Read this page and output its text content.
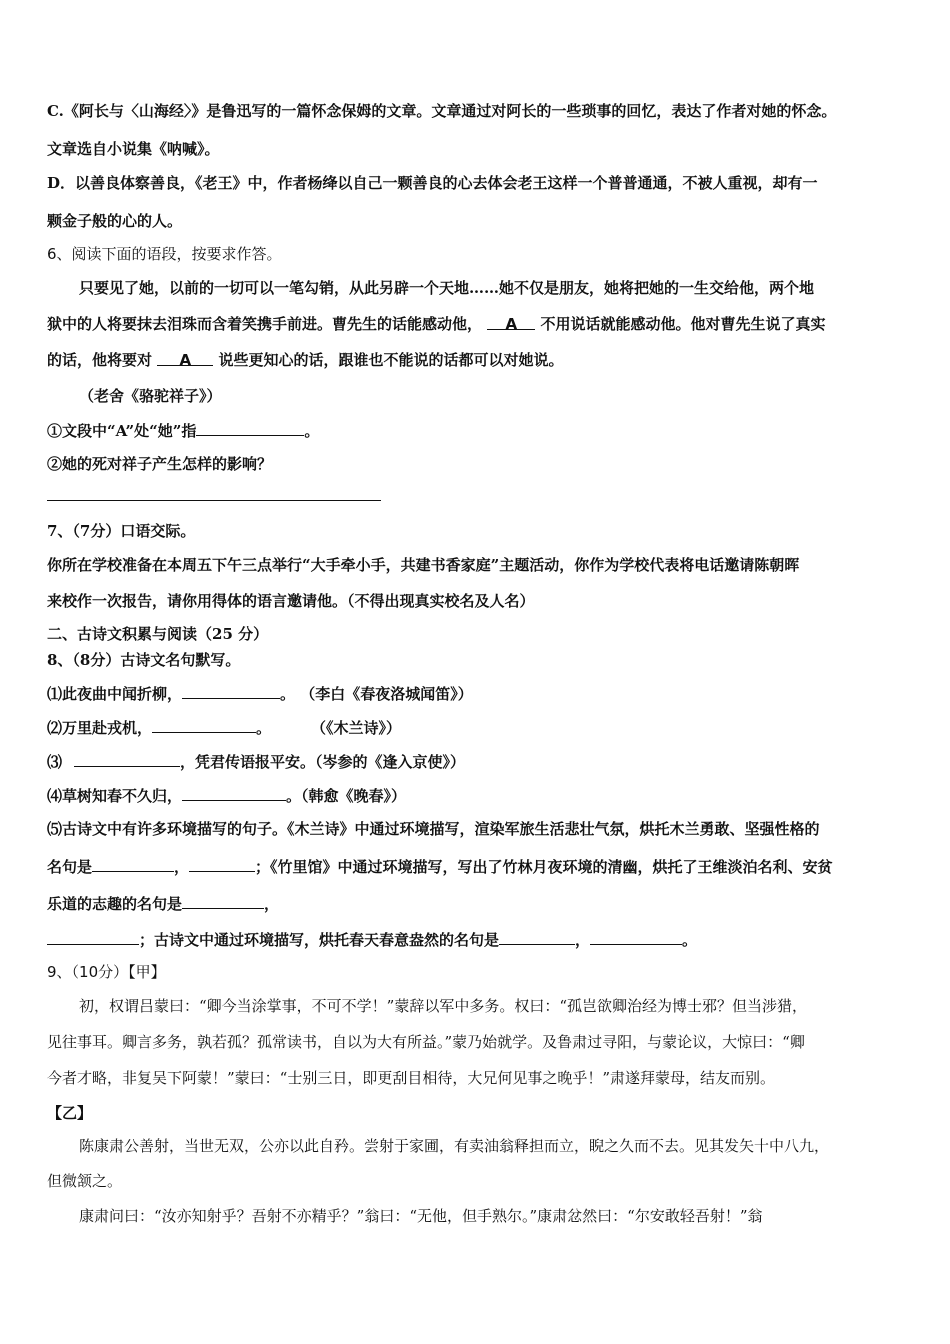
C.《阿长与〈山海经〉》是鲁迅写的一篇怀念保姆的文章。文章通过对阿长的一些琐事的回忆，表达了作者对她的怀念。
文章选自小说集《呐喊》。
D．以善良体察善良，《老王》中，作者杨绛以自己一颗善良的心去体会老王这样一个普普通通，不被人重视，却有一
颗金子般的心的人。
6、阅读下面的语段，按要求作答。
只要见了她，以前的一切可以一笔勾销，从此另辟一个天地……她不仅是朋友，她将把她的一生交给他，两个地
狱中的人将要抹去泪珠而含着笑携手前进。曹先生的话能感动他， A 不用说话就能感动他。他对曹先生说了真实
的话，他将要对 A 说些更知心的话，跟谁也不能说的话都可以对她说。
（老舍《骆驼祥子》）
①文段中“A”处“她”指	。
②她的死对祥子产生怎样的影响？
7、（7分）口语交际。
你所在学校准备在本周五下午三点举行“大手牵小手，共建书香家庭”主题活动，你作为学校代表将电话邀请陈朝晖
来校作一次报告，请你用得体的语言邀请他。（不得出现真实校名及人名）
二、古诗文积累与阅读（25 分）
8、（8分）古诗文名句默写。
⑴此夜曲中闻折柳，	。 （李白《春夜洛城闻笛》）
⑵万里赴戎机，	。	（《木兰诗》）
⑶	，凭君传语报平安。（岑参的《逢入京使》）
⑷草树知春不久归，	。（韩愈《晚春》）
⑸古诗文中有许多环境描写的句子。《木兰诗》中通过环境描写，渲染军旅生活悲壮气氛，烘托木兰勇敢、坚强性格的
名句是	，	；《竹里馆》中通过环境描写，写出了竹林月夜环境的清幽，烘托了王维淡泊名利、安贫
乐道的志趣的名句是	，
；古诗文中通过环境描写，烘托春天春意盎然的名句是	，	。
9、（10分）【甲】
初，权谓吕蒙曰：“卿今当涂掌事，不可不学！”蒙辞以军中多务。权曰：“孤岂欲卿治经为博士邪？但当涉猎，
见往事耳。卿言多务，孰若孤？孤常读书，自以为大有所益。”蒙乃始就学。及鲁肃过寻阳，与蒙论议，大惊曰：“卿
今者才略，非复吴下阿蒙！”蒙曰：“士别三日，即更刮目相待，大兄何见事之晚乎！”肃遂拜蒙母，结友而别。
【乙】
陈康肃公善射，当世无双，公亦以此自矜。尝射于家圃，有卖油翁释担而立，睨之久而不去。见其发矢十中八九，
但微颔之。
康肃问曰：“汝亦知射乎？吾射不亦精乎？”翁曰：“无他，但手熟尔。”康肃忿然曰：“尔安敢轻吾射！”翁
